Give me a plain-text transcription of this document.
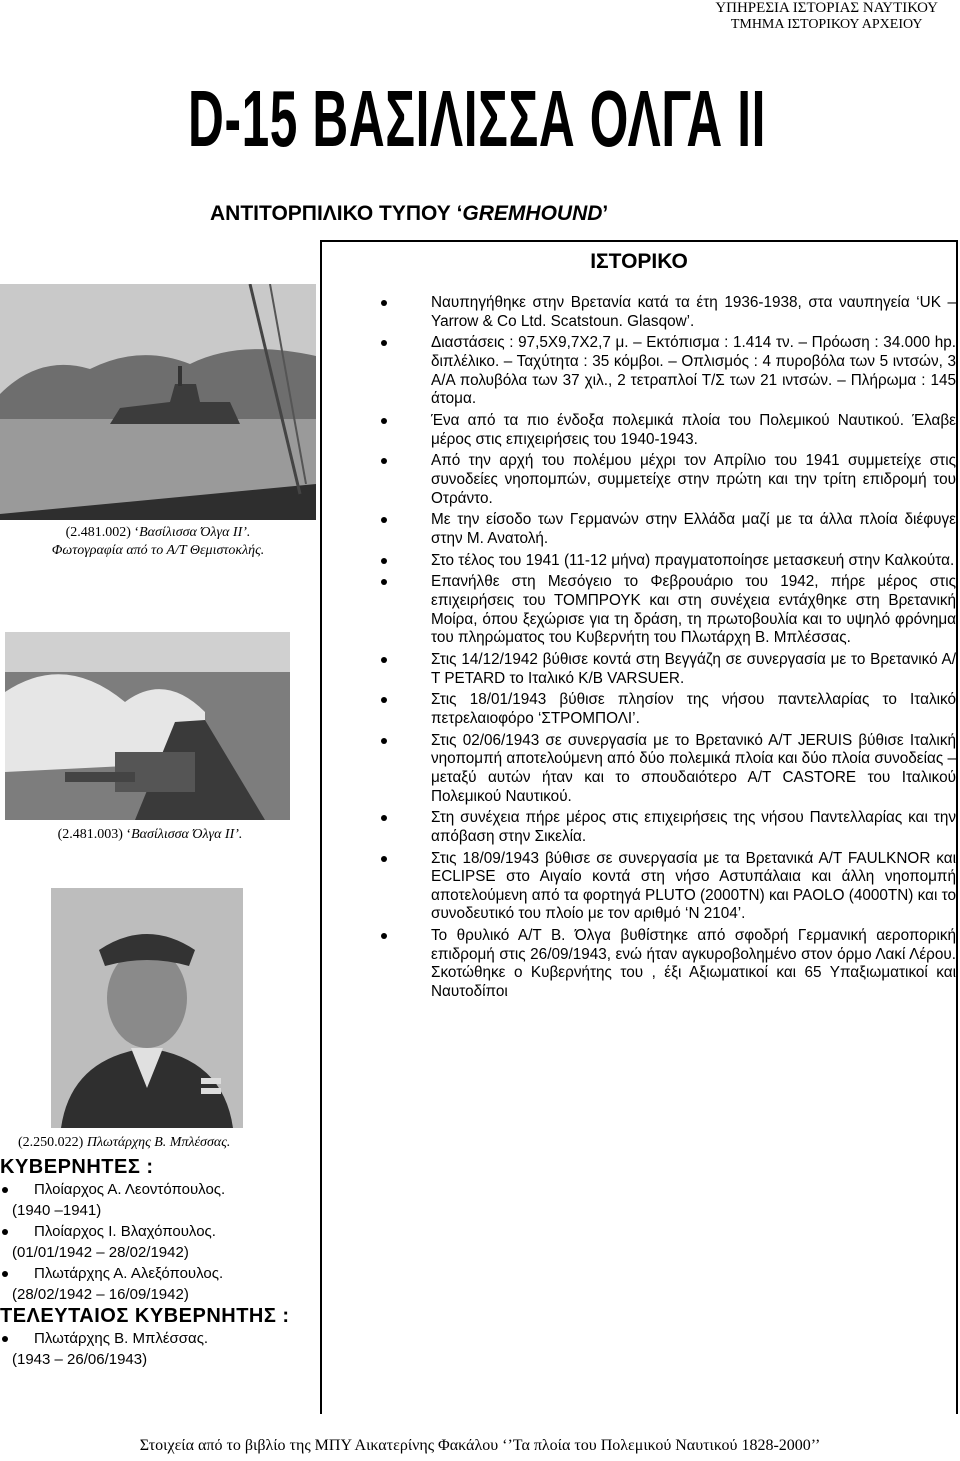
ΥΠΗΡΕΣΙΑ ΙΣΤΟΡΙΑΣ ΝΑΥΤΙΚΟΥ
ΤΜΗΜΑ ΙΣΤΟΡΙΚΟΥ ΑΡΧΕΙΟΥ
D-15 ΒΑΣΙΛΙΣΣΑ ΟΛΓΑ ΙΙ
ΑΝΤΙΤΟΡΠΙΛΙΚΟ ΤΥΠΟΥ ‘GREMHOUND’
(2.481.002) ‘Βασίλισσα Όλγα ΙΙ’.
Φωτογραφία από το Α/Τ Θεμιστοκλής.
(2.481.003) ‘Βασίλισσα Όλγα ΙΙ’.
(2.250.022) Πλωτάρχης Β. Μπλέσσας.
ΚΥΒΕΡΝΗΤΕΣ :
Πλοίαρχος Α. Λεοντόπουλος.
(1940 –1941)
Πλοίαρχος Ι. Βλαχόπουλος.
(01/01/1942 – 28/02/1942)
Πλωτάρχης Α. Αλεξόπουλος.
(28/02/1942 – 16/09/1942)
ΤΕΛΕΥΤΑΙΟΣ ΚΥΒΕΡΝΗΤΗΣ :
Πλωτάρχης Β. Μπλέσσας.
(1943 – 26/06/1943)
ΙΣΤΟΡΙΚΟ
Ναυπηγήθηκε στην Βρετανία κατά τα έτη 1936-1938, στα ναυπηγεία ‘UK – Yarrow & Co Ltd. Scatstoun. Glasqow’.
Διαστάσεις : 97,5Χ9,7Χ2,7 μ. – Εκτόπισμα : 1.414 τν. – Πρόωση : 34.000 hp. διπλέλικο. – Ταχύτητα : 35 κόμβοι. – Οπλισμός : 4 πυροβόλα των 5 ιντσών, 3 Α/Α πολυβόλα των 37 χιλ., 2 τετραπλοί Τ/Σ των 21 ιντσών. – Πλήρωμα : 145 άτομα.
Ένα από τα πιο ένδοξα πολεμικά πλοία του Πολεμικού Ναυτικού. Έλαβε μέρος στις επιχειρήσεις του 1940-1943.
Από την αρχή του πολέμου μέχρι τον Απρίλιο του 1941 συμμετείχε στις συνοδείες νηοπομπών, συμμετείχε στην πρώτη και την τρίτη επιδρομή του Οτράντο.
Με την είσοδο των Γερμανών στην Ελλάδα μαζί με τα άλλα πλοία διέφυγε στην Μ. Ανατολή.
Στο τέλος του 1941 (11-12 μήνα) πραγματοποίησε μετασκευή στην Καλκούτα.
Επανήλθε στη Μεσόγειο το Φεβρουάριο του 1942, πήρε μέρος στις επιχειρήσεις του ΤΟΜΠΡΟΥΚ και στη συνέχεια εντάχθηκε στη Βρετανική Μοίρα, όπου ξεχώρισε για τη δράση, τη πρωτοβουλία και το υψηλό φρόνημα του πληρώματος του Κυβερνήτη του Πλωτάρχη Β. Μπλέσσας.
Στις 14/12/1942 βύθισε κοντά στη Βεγγάζη σε συνεργασία με το Βρετανικό Α/Τ PETARD το Ιταλικό Κ/Β VARSUER.
Στις 18/01/1943 βύθισε πλησίον της νήσου παντελλαρίας το Ιταλικό πετρελαιοφόρο ‘ΣΤΡΟΜΠΟΛΙ’.
Στις 02/06/1943 σε συνεργασία με το Βρετανικό Α/Τ JERUIS βύθισε Ιταλική νηοπομπή αποτελούμενη από δύο πολεμικά πλοία και δύο πλοία συνοδείας – μεταξύ αυτών ήταν και το σπουδαιότερο Α/Τ CASTORE του Ιταλικού Πολεμικού Ναυτικού.
Στη συνέχεια πήρε μέρος στις επιχειρήσεις της νήσου Παντελλαρίας και την απόβαση στην Σικελία.
Στις 18/09/1943 βύθισε σε συνεργασία με τα Βρετανικά Α/Τ FAULKNOR και ECLIPSE στο Αιγαίο κοντά στη νήσο Αστυπάλαια και άλλη νηοπομπή αποτελούμενη από τα φορτηγά PLUTO (2000TN) και PAOLO (4000TN) και το συνοδευτικό του πλοίο με τον αριθμό ‘Ν 2104’.
Το θρυλικό Α/Τ Β. Όλγα βυθίστηκε από σφοδρή Γερμανική αεροπορική επιδρομή στις 26/09/1943, ενώ ήταν αγκυροβολημένο στον όρμο Λακί Λέρου. Σκοτώθηκε ο Κυβερνήτης του , έξι Αξιωματικοί και 65 Υπαξιωματικοί και Ναυτοδίποι
Στοιχεία από το βιβλίο της ΜΠΥ Αικατερίνης Φακάλου ‘’Τα πλοία του Πολεμικού Ναυτικού 1828-2000’’
